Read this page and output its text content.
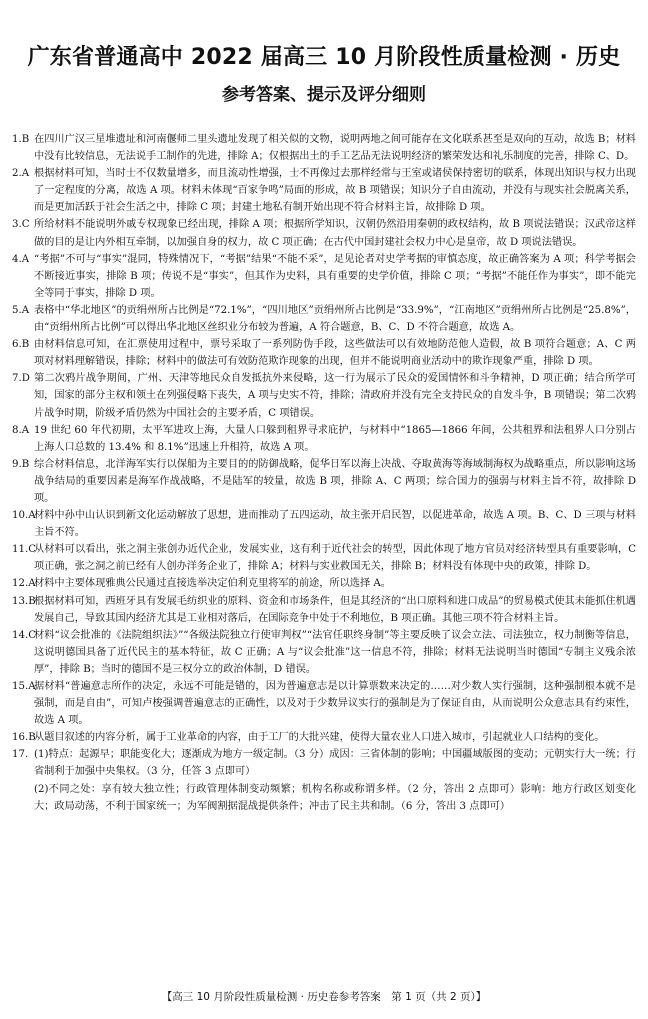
广东省普通高中 2022 届高三 10 月阶段性质量检测 · 历史
参考答案、提示及评分细则
1.B 在四川广汉三星堆遗址和河南偃师二里头遗址发现了相关似的文物，说明两地之间可能存在文化联系甚至是双向的互动，故选 B；材料中没有比较信息，无法说手工制作的先进，排除 A；仅根据出土的手工艺品无法说明经济的繁荣发达和礼乐制度的完善，排除 C、D。

2.A 根据材料可知，当时士不仅数量增多，而且流动性增强，士不再像过去那样经常与王室或诸侯保持密切的联系，体现出知识与权力出现了一定程度的分离，故选 A 项。材料未体现“百家争鸣”局面的形成，故 B 项错误；知识分子自由流动，并没有与现实社会脱离关系，而是更加活跃于社会生活之中，排除 C 项；封建土地私有制开始出现不符合材料主旨，故排除 D 项。

3.C 所给材料不能说明外戚专权现象已经出现，排除 A 项；根据所学知识，汉朝仍然沿用秦朝的政权结构，故 B 项说法错误；汉武帝这样做的目的是让内外相互牵制，以加强自身的权力，故 C 项正确；在古代中国封建社会权力中心是皇帝，故 D 项说法错误。

4.A “考据”不可与“事实”混同，特殊情况下，“考据”结果“不能不采”，足见论者对史学考据的审慎态度，故正确答案为 A 项；科学考据会不断接近事实，排除 B 项；传说不是“事实”，但其作为史料，具有重要的史学价值，排除 C 项；“考据”不能任作为事实”，即不能完全等同于事实，排除 D 项。

5.A 表格中“华北地区”的贡绢州所占比例是“72.1%”，“四川地区”贡绢州所占比例是“33.9%”，“江南地区”贡绢州所占比例是“25.8%”，由“贡绢州所占比例”可以得出华北地区丝织业分布较为普遍，A 符合题意，B、C、D 不符合题意，故选 A。

6.B 由材料信息可知，在汇票使用过程中，票号采取了一系列防伪手段，这些做法可以有效地防范他人造假，故 B 项符合题意；A、C 两项对材料理解错误，排除；材料中的做法可有效防范欺诈现象的出现，但并不能说明商业活动中的欺诈现象严重，排除 D 项。

7.D 第二次鸦片战争期间，广州、天津等地民众自发抵抗外来侵略，这一行为展示了民众的爱国情怀和斗争精神，D 项正确；结合所学可知，国家的部分主权和领土在列强侵略下丧失，A 项与史实不符，排除；清政府并没有完全支持民众的自发斗争，B 项错误；第二次鸦片战争时期，阶级矛盾仍然为中国社会的主要矛盾，C 项错误。

8.A 19 世纪 60 年代初期，太平军进攻上海，大量人口躲到租界寻求庇护，与材料中“1865—1866 年间，公共租界和法租界人口分别占上海人口总数的 13.4% 和 8.1%”迅速上升相符，故选 A 项。

9.B 综合材料信息，北洋海军实行以保船为主要目的的防御战略，促华日军以海上决战、夺取黄海等海域制海权为战略重点，所以影响这场战争结局的重要因素是海军作战战略，不是陆军的较量，故选 B 项，排除 A、C 两项；综合国力的强弱与材料主旨不符，故排除 D 项。

10.A

材料中孙中山认识到新文化运动解放了思想，进而推动了五四运动，故主张开启民智，以促进革命，故选 A 项。B、C、D 三项与材料主旨不符。

11.C

从材料可以看出，张之洞主张创办近代企业，发展实业，这有利于近代社会的转型，因此体现了地方官员对经济转型具有重要影响，C 项正确，张之洞之前已经有人创办洋务企业了，排除 A；材料与实业救国无关，排除 B；材料没有体现中央的政策，排除 D。

12.A

材料中主要体现雅典公民通过直接选举决定伯利克里将军的前途，所以选择 A。

13.B

根据材料可知，西班牙具有发展毛纺织业的原料、资金和市场条件，但是其经济的“出口原料和进口成品”的贸易模式使其未能抓住机遇发展自己，导致其国内经济尤其是工业相对落后，在国际竞争中处于不利地位，B 项正确。其他三项不符合材料主旨。

14.C

材料“议会批准的《法院组织法》”“各级法院独立行使审判权”“法官任职终身制”等主要反映了议会立法、司法独立，权力制衡等信息，这说明德国具备了近代民主的基本特征，故 C 正确；A 与“议会批准”这一信息不符，排除；材料无法说明当时德国“专制主义残余浓厚”，排除 B；当时的德国不是三权分立的政治体制，D 错误。

15.A

据材料“普遍意志所作的决定，永远不可能是错的，因为普遍意志是以计算票数来决定的……对少数人实行强制，这种强制根本就不是强制，而是自由”，可知卢梭强调普遍意志的正确性，以及对于少数异议实行的强制是为了保证自由，从而说明公众意志具有约束性，故选 A 项。

16.B

从题目叙述的内容分析，属于工业革命的内容，由于工厂的大批兴建，使得大量农业人口进入城市，引起就业人口结构的变化。

17. (1)特点：起源早；职能变化大；逐渐成为地方一级定制。（3 分）成因：三省体制的影响；中国疆域版图的变动；元朝实行大一统；行省制利于加强中央集权。（3 分，任答 3 点即可）

(2)不同之处：享有较大独立性；行政管理体制变动频繁；机构名称或称谓多样。（2 分，答出 2 点即可）影响：地方行政区划变化大；政局动荡，不利于国家统一；为军阀割据混战提供条件；冲击了民主共和制。（6 分，答出 3 点即可）

【高三 10 月阶段性质量检测 · 历史卷参考答案　第 1 页（共 2 页）】
